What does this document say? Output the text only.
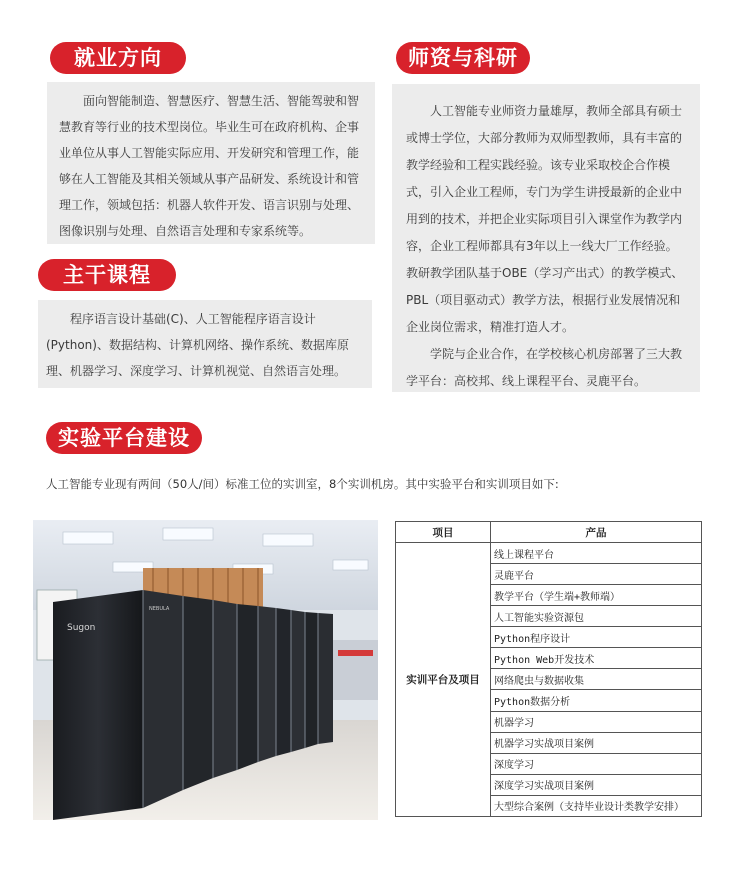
就业方向

面向智能制造、智慧医疗、智慧生活、智能驾驶和智慧教育等行业的技术型岗位。毕业生可在政府机构、企事业单位从事人工智能实际应用、开发研究和管理工作，能够在人工智能及其相关领域从事产品研发、系统设计和管理工作，领域包括：机器人软件开发、语言识别与处理、图像识别与处理、自然语言处理和专家系统等。

主干课程

程序语言设计基础(C)、人工智能程序语言设计(Python)、数据结构、计算机网络、操作系统、数据库原理、机器学习、深度学习、计算机视觉、自然语言处理。

师资与科研

人工智能专业师资力量雄厚，教师全部具有硕士或博士学位，大部分教师为双师型教师，具有丰富的教学经验和工程实践经验。该专业采取校企合作模式，引入企业工程师，专门为学生讲授最新的企业中用到的技术，并把企业实际项目引入课堂作为教学内容，企业工程师都具有3年以上一线大厂工作经验。教研教学团队基于OBE（学习产出式）的教学模式、PBL（项目驱动式）教学方法，根据行业发展情况和企业岗位需求，精准打造人才。

学院与企业合作，在学校核心机房部署了三大教学平台：高校邦、线上课程平台、灵鹿平台。

实验平台建设
人工智能专业现有两间（50人/间）标准工位的实训室，8个实训机房。其中实验平台和实训项目如下:
Sugon
NEBULA
项目	产品
实训平台及项目	线上课程平台
	灵鹿平台
	教学平台（学生端+教师端）
	人工智能实验资源包
	Python程序设计
	Python Web开发技术
	网络爬虫与数据收集
	Python数据分析
	机器学习
	机器学习实战项目案例
	深度学习
	深度学习实战项目案例
	大型综合案例（支持毕业设计类教学安排）
